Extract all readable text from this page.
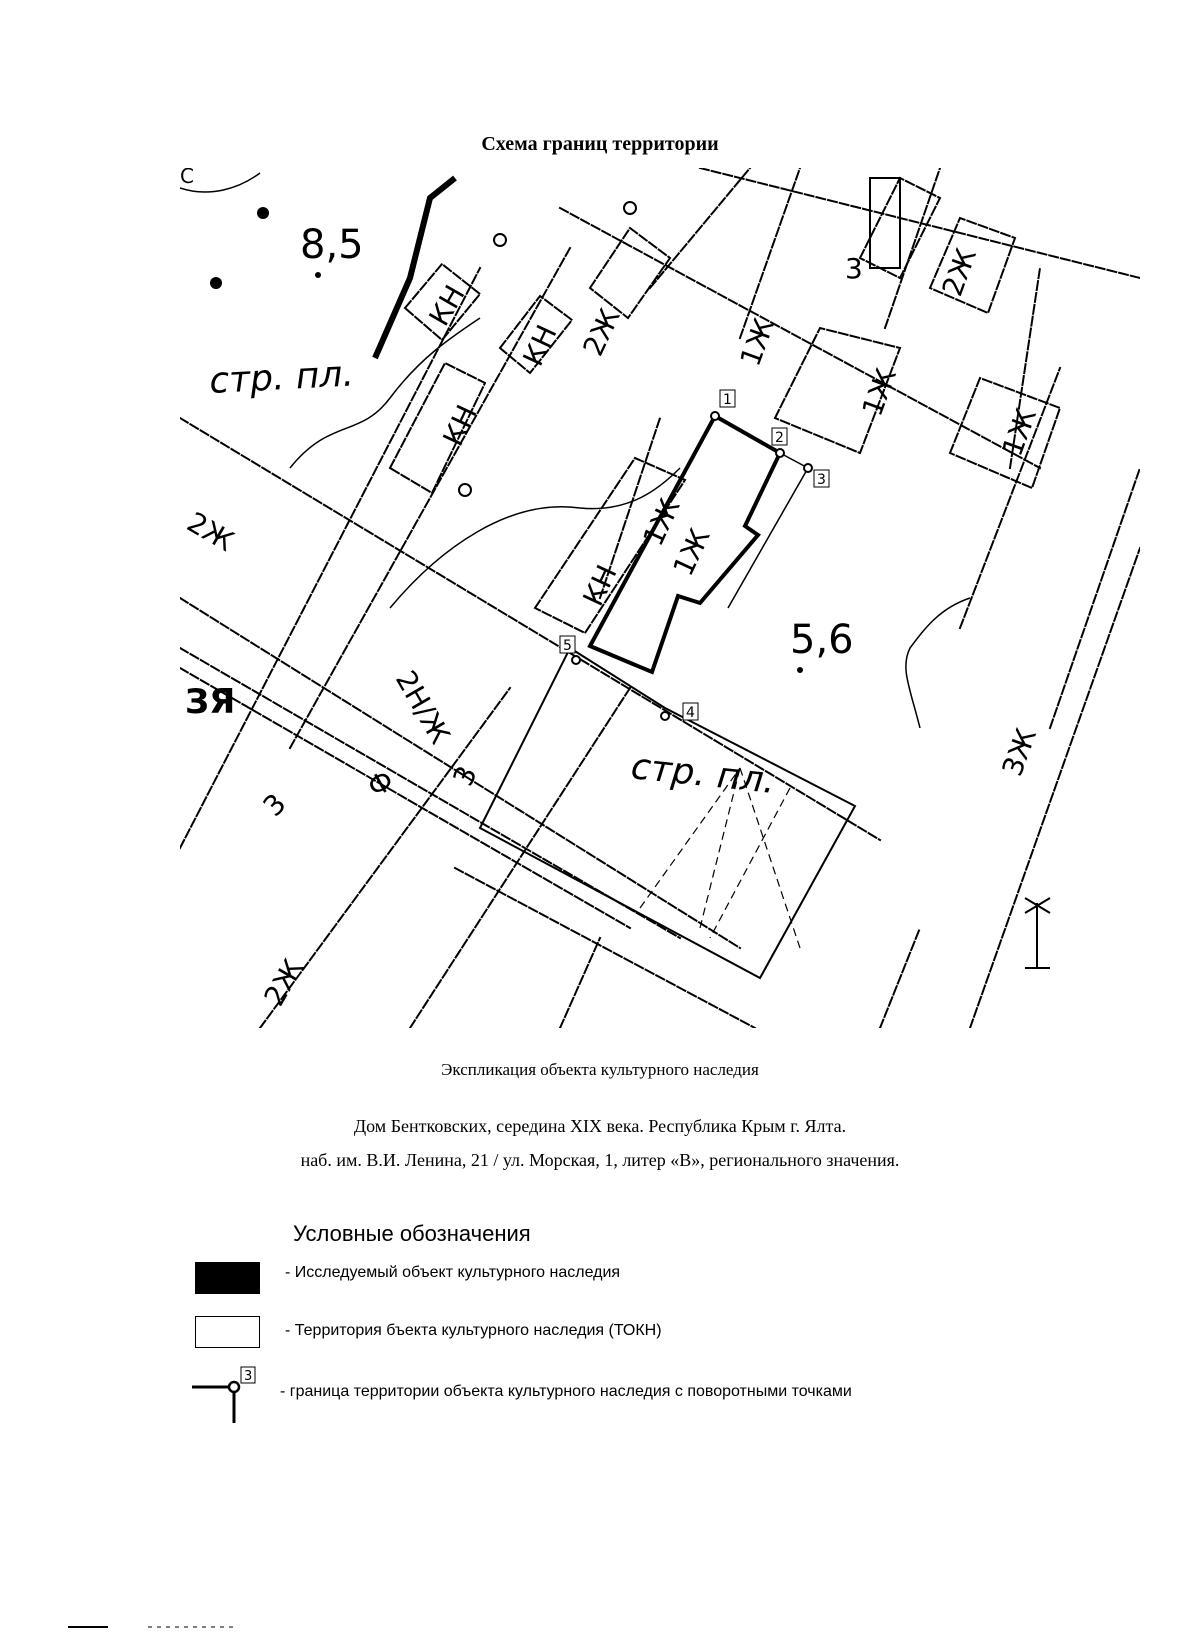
Схема границ территории
1
2
3
4
5
8,5
5,6
стр. пл.
стр. пл.
КН
КН
КН
КН
2Ж	1Ж
1Ж
1Ж
1Ж
1Ж
2Ж
2Ж
2Н/Ж
3Ж
2Ж
3
3
Ф
3
С
ЗЯ
Экспликация объекта культурного наследия
Дом Бентковских, середина XIX века. Республика Крым г. Ялта.
наб. им. В.И. Ленина, 21 / ул. Морская, 1, литер «В», регионального значения.
Условные обозначения
- Исследуемый объект культурного наследия
- Территория бъекта культурного наследия (ТОКН)
3
- граница территории объекта культурного наследия с поворотными точками
